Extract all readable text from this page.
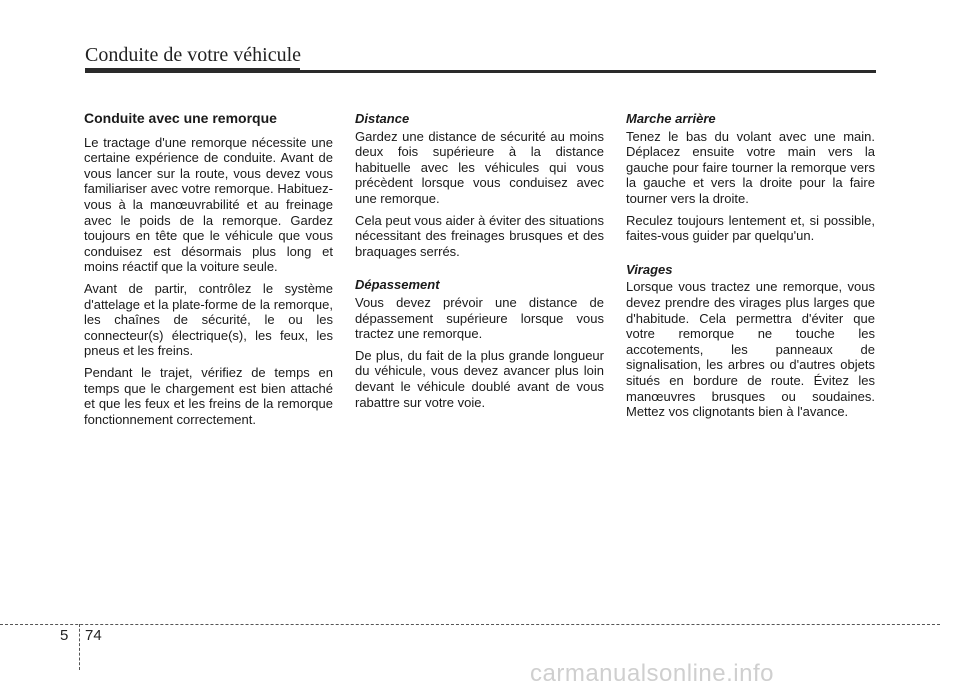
Conduite de votre véhicule
Conduite avec une remorque

Le tractage d'une remorque nécessite une certaine expérience de conduite. Avant de vous lancer sur la route, vous devez vous familiariser avec votre remorque. Habituez-vous à la manœuvrabilité et au freinage avec le poids de la remorque. Gardez toujours en tête que le véhicule que vous conduisez est désormais plus long et moins réactif que la voiture seule.

Avant de partir, contrôlez le système d'attelage et la plate-forme de la remorque, les chaînes de sécurité, le ou les connecteur(s) électrique(s), les feux, les pneus et les freins.

Pendant le trajet, vérifiez de temps en temps que le chargement est bien attaché et que les feux et les freins de la remorque fonctionnement correctement.

Distance

Gardez une distance de sécurité au moins deux fois supérieure à la distance habituelle avec les véhicules qui vous précèdent lorsque vous conduisez avec une remorque.

Cela peut vous aider à éviter des situations nécessitant des freinages brusques et des braquages serrés.

Dépassement

Vous devez prévoir une distance de dépassement supérieure lorsque vous tractez une remorque.

De plus, du fait de la plus grande longueur du véhicule, vous devez avancer plus loin devant le véhicule doublé avant de vous rabattre sur votre voie.

Marche arrière

Tenez le bas du volant avec une main. Déplacez ensuite votre main vers la gauche pour faire tourner la remorque vers la gauche et vers la droite pour la faire tourner vers la droite.

Reculez toujours lentement et, si possible, faites-vous guider par quelqu'un.

Virages

Lorsque vous tractez une remorque, vous devez prendre des virages plus larges que d'habitude. Cela permettra d'éviter que votre remorque ne touche les accotements, les panneaux de signalisation, les arbres ou d'autres objets situés en bordure de route. Évitez les manœuvres brusques ou soudaines. Mettez vos clignotants bien à l'avance.

5 74
carmanualsonline.info
